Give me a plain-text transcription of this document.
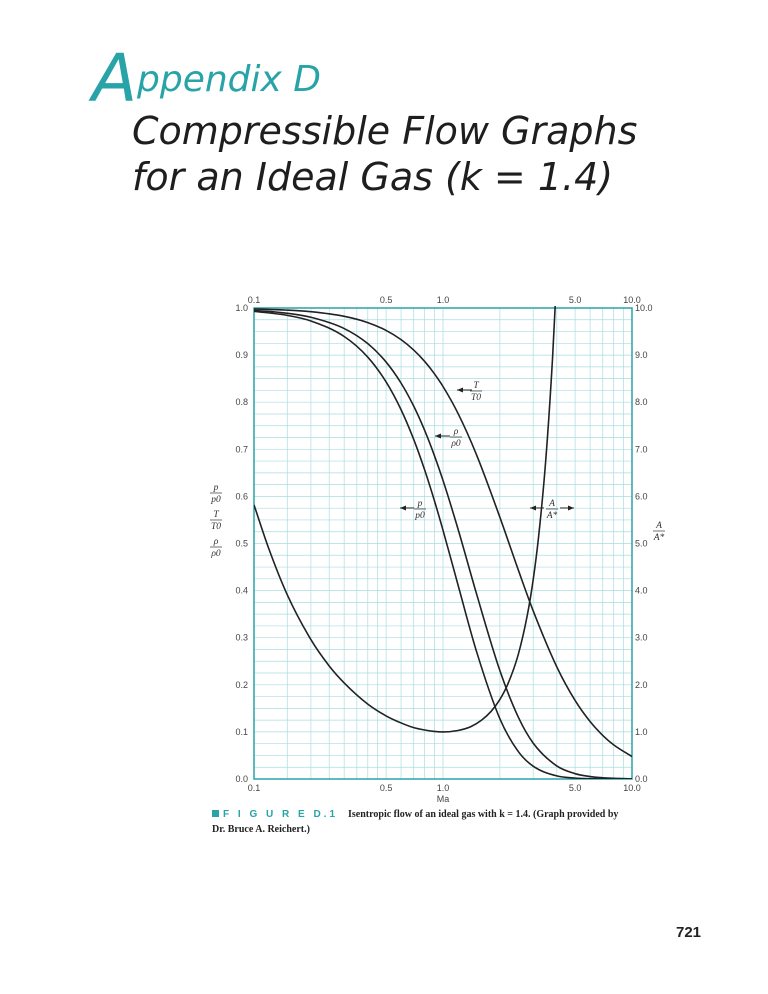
A ppendix D
Compressible Flow Graphs
for an Ideal Gas (k = 1.4)
0.1	0.5	1.0	5.0	10.0
0.1	0.5	1.0	5.0	10.0
0.0
0.1
0.2
0.3
0.4
0.5
0.6
0.7
0.8
0.9
1.0
0.0
1.0
2.0
3.0
4.0
5.0
6.0
7.0
8.0
9.0
10.0
Ma
p
p0
T
T0
ρ
ρ0
A
A*
T
T0
ρ
ρ0
p
p0
A
A*
F I G U R E D.1 Isentropic flow of an ideal gas with k = 1.4. (Graph provided by Dr. Bruce A. Reichert.)
721
